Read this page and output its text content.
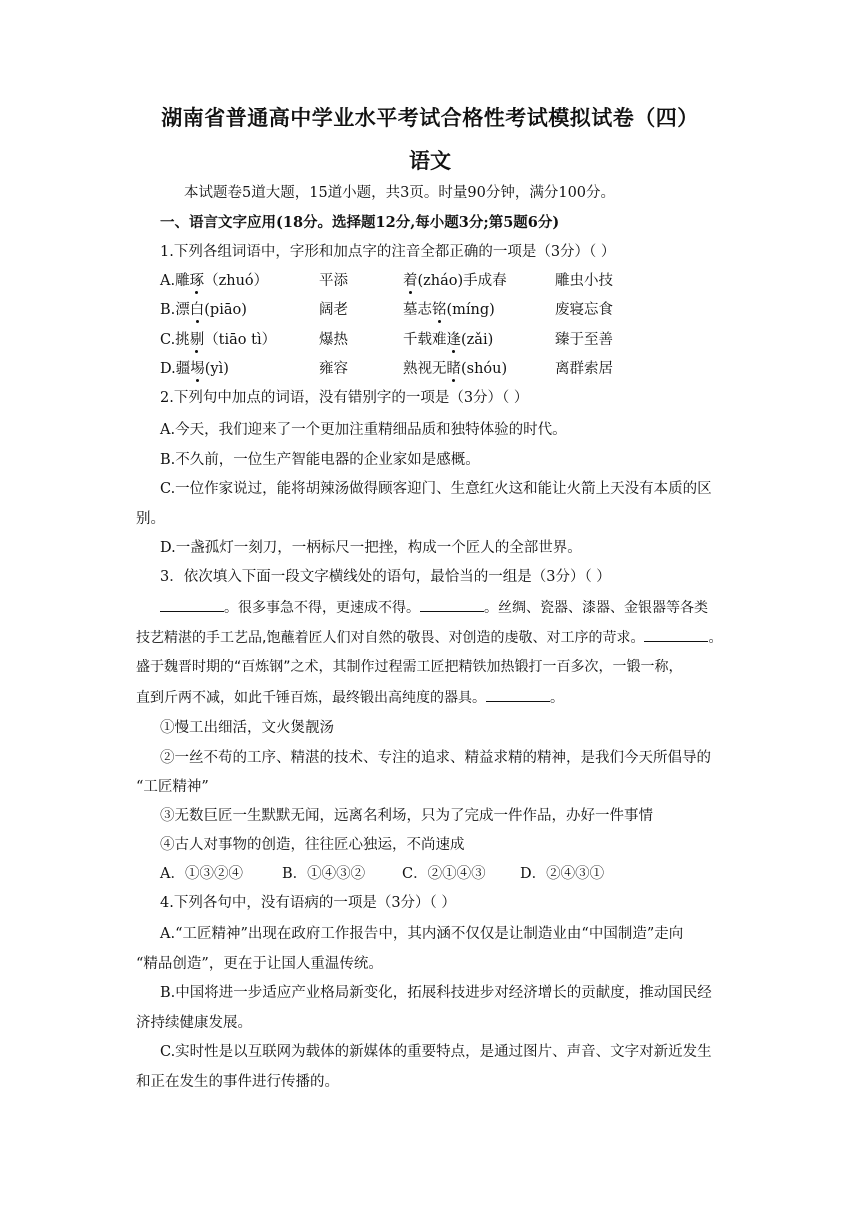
湖南省普通高中学业水平考试合格性考试模拟试卷（四）
语文
本试题卷5道大题，15道小题，共3页。时量90分钟，满分100分。
一、语言文字应用(18分。选择题12分,每小题3分;第5题6分)
1.下列各组词语中，字形和加点字的注音全都正确的一项是（3分）（ ）
A.雕琢（zhuó）	平添	着(zháo)手成春	雕虫小技
B.漂白(piāo)	阔老	墓志铭(míng)	废寝忘食
C.挑剔（tiāo tì）	爆热	千载难逢(zǎi)	臻于至善
D.疆埸(yì)	雍容	熟视无睹(shóu)	离群索居
2.下列句中加点的词语，没有错别字的一项是（3分）（ ）
A.今天，我们迎来了一个更加注重精细品质和独特体验的时代。
B.不久前，一位生产智能电器的企业家如是感概。
C.一位作家说过，能将胡辣汤做得顾客迎门、生意红火这和能让火箭上天没有本质的区
别。
D.一盏孤灯一刻刀，一柄标尺一把挫，构成一个匠人的全部世界。
3．依次填入下面一段文字横线处的语句，最恰当的一组是（3分）（ ）
。很多事急不得，更速成不得。	。丝绸、瓷器、漆器、金银器等各类
技艺精湛的手工艺品,饱蘸着匠人们对自然的敬畏、对创造的虔敬、对工序的苛求。	。
盛于魏晋时期的“百炼钢”之术，其制作过程需工匠把精铁加热锻打一百多次，一锻一称，
直到斤两不减，如此千锤百炼，最终锻出高纯度的器具。	。
①慢工出细活，文火煲靓汤
②一丝不苟的工序、精湛的技术、专注的追求、精益求精的精神，是我们今天所倡导的
“工匠精神”
③无数巨匠一生默默无闻，远离名利场，只为了完成一件作品，办好一件事情
④古人对事物的创造，往往匠心独运，不尚速成
A．①③②④	B．①④③②	C．②①④③ D．②④③①
4.下列各句中，没有语病的一项是（3分）（ ）
A.“工匠精神”出现在政府工作报告中，其内涵不仅仅是让制造业由“中国制造”走向
“精品创造”，更在于让国人重温传统。
B.中国将进一步适应产业格局新变化，拓展科技进步对经济增长的贡献度，推动国民经
济持续健康发展。
C.实时性是以互联网为载体的新媒体的重要特点，是通过图片、声音、文字对新近发生
和正在发生的事件进行传播的。
